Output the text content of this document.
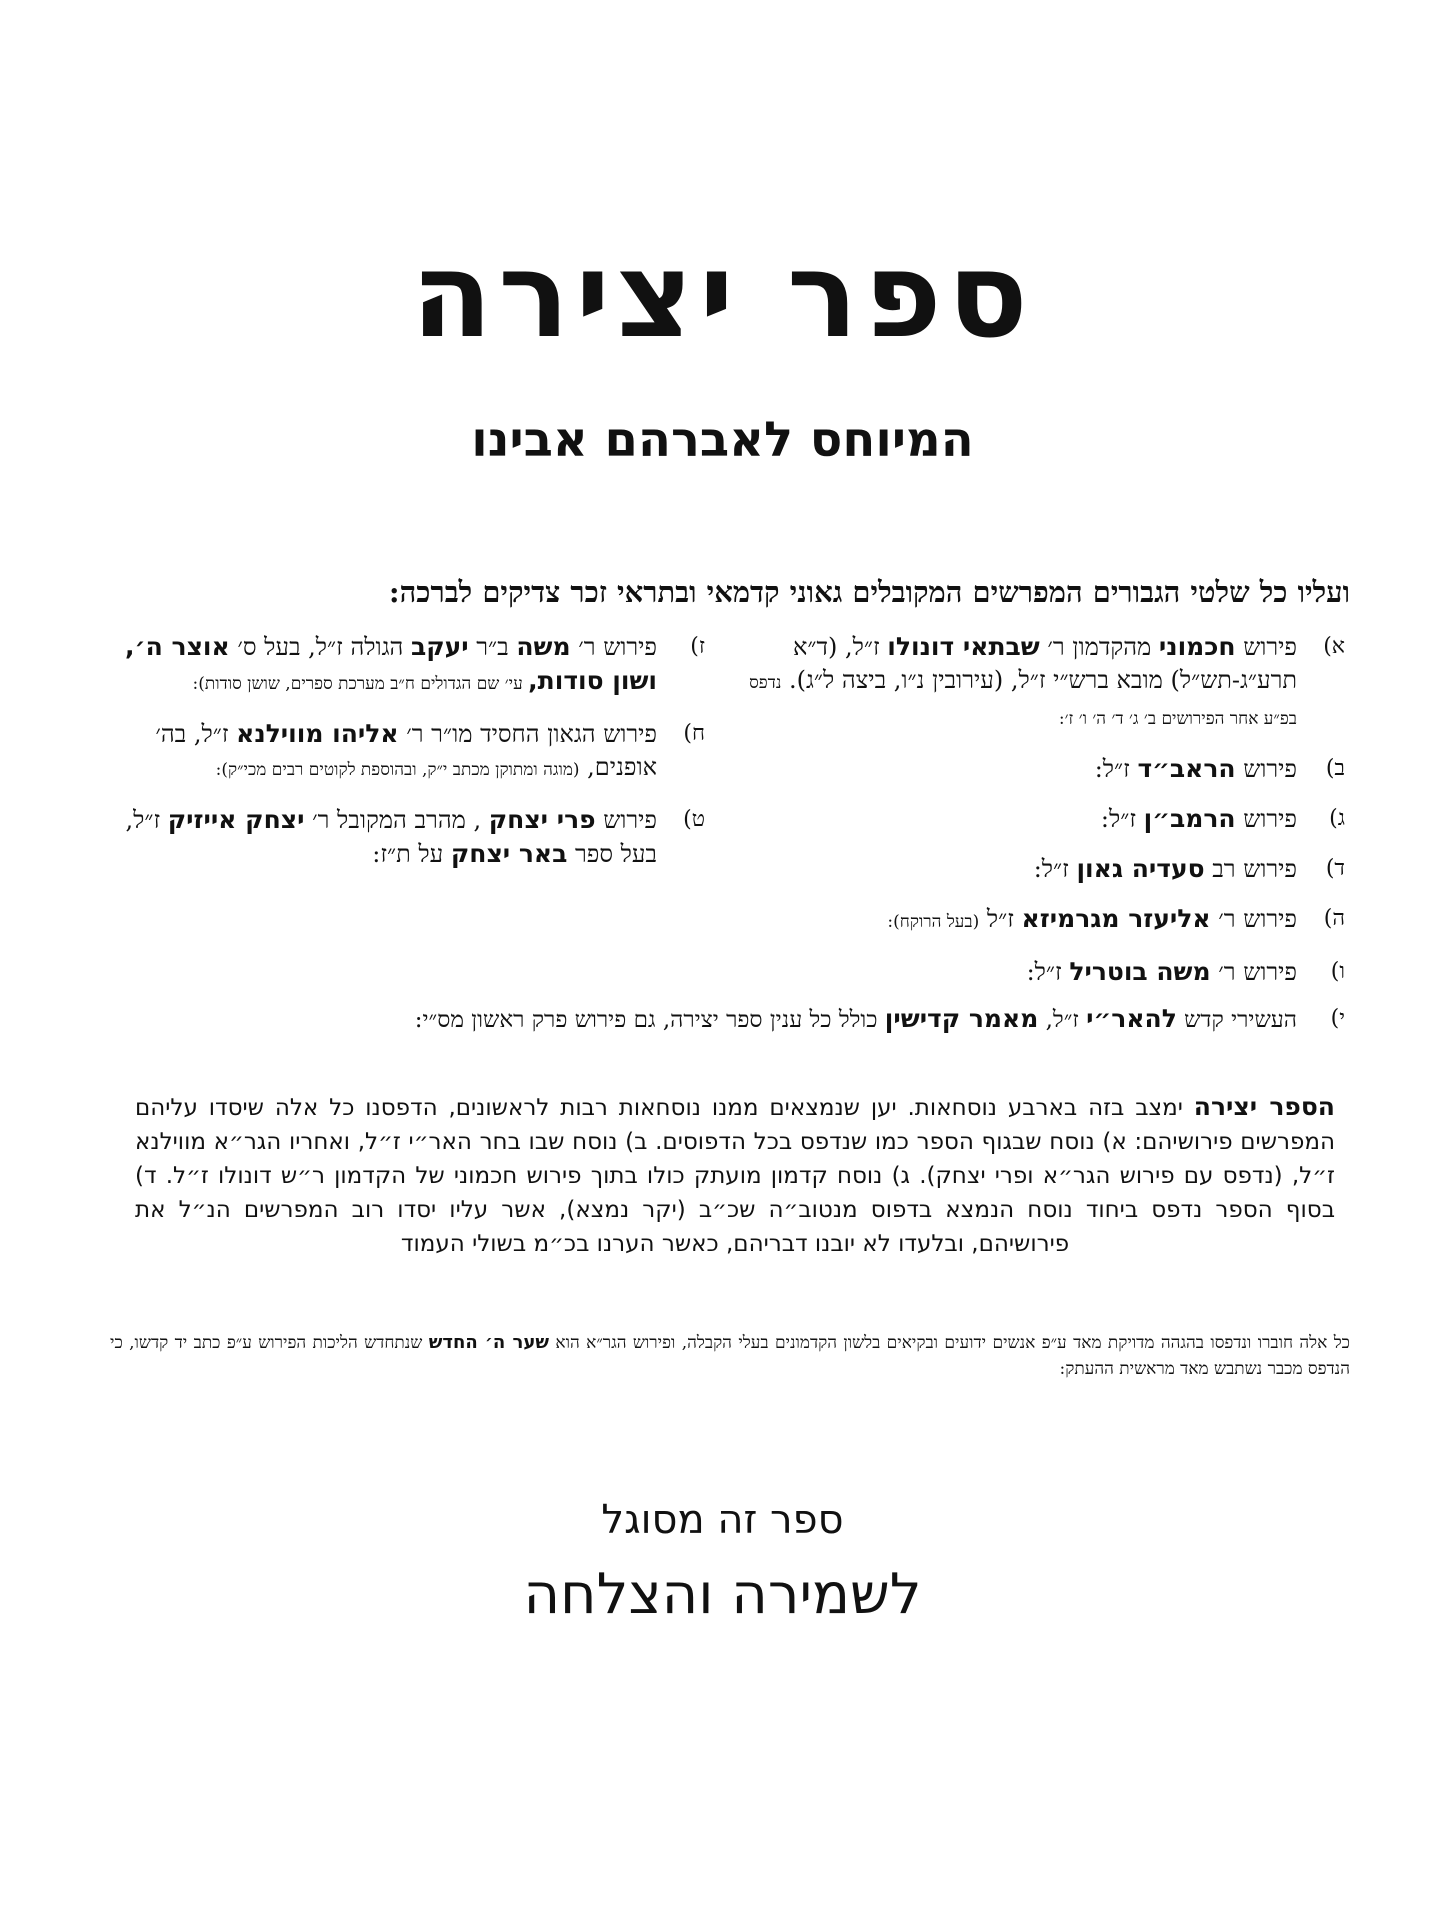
ספר יצירה
המיוחס לאברהם אבינו
ועליו כל שלטי הגבורים המפרשים המקובלים גאוני קדמאי ובתראי זכר צדיקים לברכה:
א)
פירוש חכמוני מהקדמון ר׳ שבתאי דונולו ז״ל, (ד״א תרע״ג-תש״ל) מובא ברש״י ז״ל, (עירובין נ״ו, ביצה ל״ג). נדפס בפ״ע אחר הפירושים ב׳ ג׳ ד׳ ה׳ ו׳ ז׳:
ב)
פירוש הראב״ד ז״ל:
ג)
פירוש הרמב״ן ז״ל:
ד)
פירוש רב סעדיה גאון ז״ל:
ה)
פירוש ר׳ אליעזר מגרמיזא ז״ל (בעל הרוקח):
ו)
פירוש ר׳ משה בוטריל ז״ל:
ז)
פירוש ר׳ משה ב״ר יעקב הגולה ז״ל, בעל ס׳ אוצר ה׳, ושון סודות, עי׳ שם הגדולים ח״ב מערכת ספרים, שושן סודות):
ח)
פירוש הגאון החסיד מו״ר ר׳ אליהו מווילנא ז״ל, בה׳ אופנים, (מוגה ומתוקן מכתב י״ק, ובהוספת לקוטים רבים מכי״ק):
ט)
פירוש פרי יצחק , מהרב המקובל ר׳ יצחק אייזיק ז״ל, בעל ספר באר יצחק על ת״ז:
י)
העשירי קדש להאר״י ז״ל, מאמר קדישין כולל כל ענין ספר יצירה, גם פירוש פרק ראשון מס״י:
הספר יצירה ימצב בזה בארבע נוסחאות. יען שנמצאים ממנו נוסחאות רבות לראשונים, הדפסנו כל אלה שיסדו עליהם המפרשים פירושיהם: א) נוסח שבגוף הספר כמו שנדפס בכל הדפוסים. ב) נוסח שבו בחר האר״י ז״ל, ואחריו הגר״א מווילנא ז״ל, (נדפס עם פירוש הגר״א ופרי יצחק). ג) נוסח קדמון מועתק כולו בתוך פירוש חכמוני של הקדמון ר״ש דונולו ז״ל. ד) בסוף הספר נדפס ביחוד נוסח הנמצא בדפוס מנטוב״ה שכ״ב (יקר נמצא), אשר עליו יסדו רוב המפרשים הנ״ל את פירושיהם, ובלעדו לא יובנו דבריהם, כאשר הערנו בכ״מ בשולי העמוד
כל אלה חוברו ונדפסו בהגהה מדויקת מאד ע״פ אנשים ידועים ובקיאים בלשון הקדמונים בעלי הקבלה, ופירוש הגר״א הוא שער ה׳ החדש שנתחדש הליכות הפירוש ע״פ כתב יד קדשו, כי הנדפס מכבר נשתבש מאד מראשית ההעתק:
ספר זה מסוגל
לשמירה והצלחה
